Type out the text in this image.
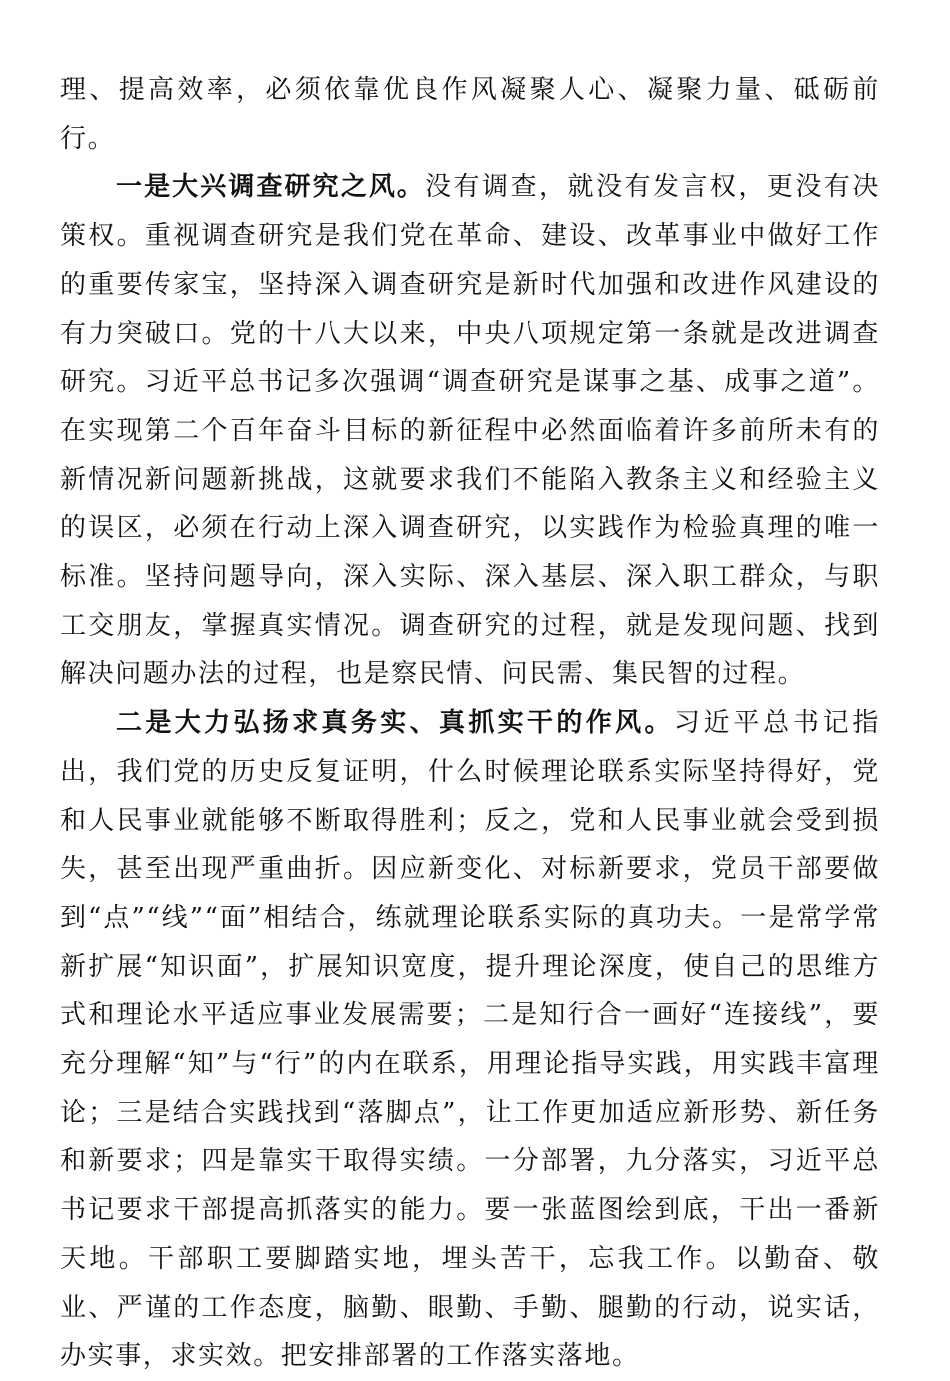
理、提高效率，必须依靠优良作风凝聚人心、凝聚力量、砥砺前行。

一是大兴调查研究之风。没有调查，就没有发言权，更没有决策权。重视调查研究是我们党在革命、建设、改革事业中做好工作的重要传家宝，坚持深入调查研究是新时代加强和改进作风建设的有力突破口。党的十八大以来，中央八项规定第一条就是改进调查研究。习近平总书记多次强调“调查研究是谋事之基、成事之道”。在实现第二个百年奋斗目标的新征程中必然面临着许多前所未有的新情况新问题新挑战，这就要求我们不能陷入教条主义和经验主义的误区，必须在行动上深入调查研究，以实践作为检验真理的唯一标准。坚持问题导向，深入实际、深入基层、深入职工群众，与职工交朋友，掌握真实情况。调查研究的过程，就是发现问题、找到解决问题办法的过程，也是察民情、问民需、集民智的过程。

二是大力弘扬求真务实、真抓实干的作风。习近平总书记指出，我们党的历史反复证明，什么时候理论联系实际坚持得好，党和人民事业就能够不断取得胜利；反之，党和人民事业就会受到损失，甚至出现严重曲折。因应新变化、对标新要求，党员干部要做到“点”“线”“面”相结合，练就理论联系实际的真功夫。一是常学常新扩展“知识面”，扩展知识宽度，提升理论深度，使自己的思维方式和理论水平适应事业发展需要；二是知行合一画好“连接线”，要充分理解“知”与“行”的内在联系，用理论指导实践，用实践丰富理论；三是结合实践找到“落脚点”，让工作更加适应新形势、新任务和新要求；四是靠实干取得实绩。一分部署，九分落实，习近平总书记要求干部提高抓落实的能力。要一张蓝图绘到底，干出一番新天地。干部职工要脚踏实地，埋头苦干，忘我工作。以勤奋、敬业、严谨的工作态度，脑勤、眼勤、手勤、腿勤的行动，说实话，办实事，求实效。把安排部署的工作落实落地。
